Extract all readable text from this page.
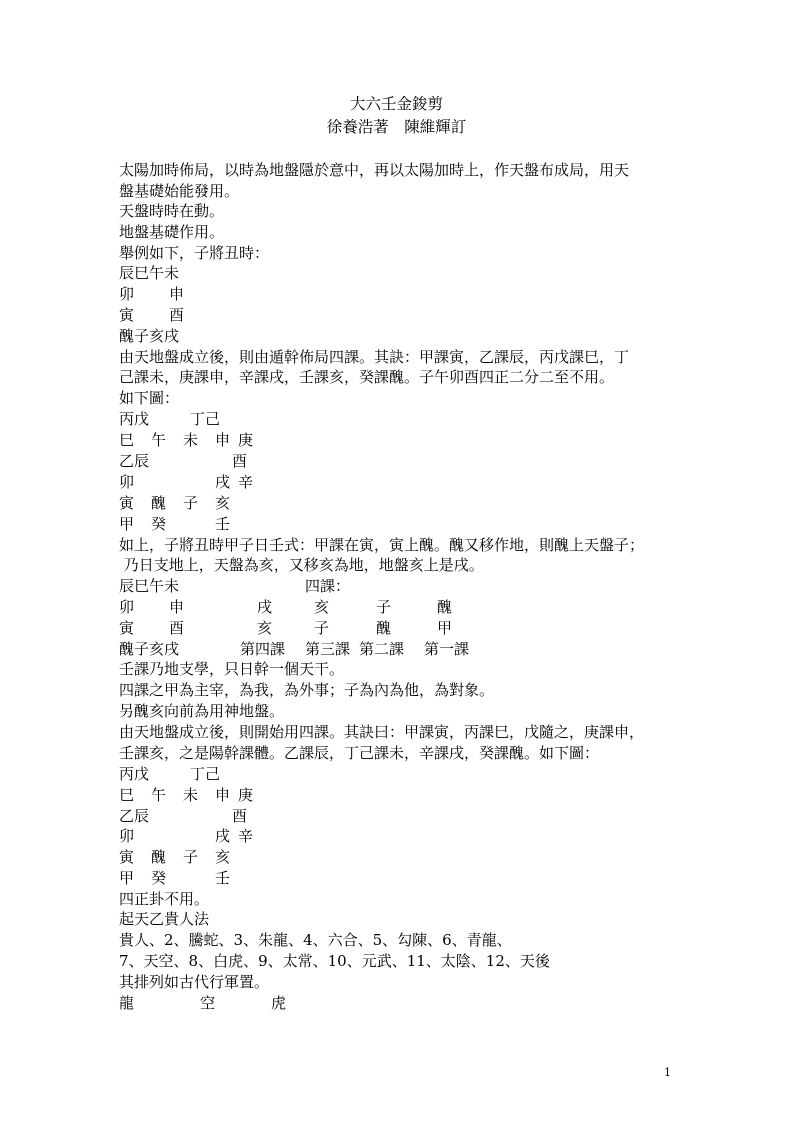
大六壬金鋑剪
徐養浩著　陳維輝訂
太陽加時佈局，以時為地盤隱於意中，再以太陽加時上，作天盤布成局，用天
盤基礎始能發用。
天盤時時在動。
地盤基礎作用。
舉例如下，子將丑時：
辰巳午未
卯 申
寅 酉
醜子亥戌
由天地盤成立後，則由遁幹佈局四課。其訣：甲課寅，乙課辰，丙戊課巳，丁
己課未，庚課申，辛課戌，壬課亥，癸課醜。子午卯酉四正二分二至不用。
如下圖：
丙戊	丁己
巳 午 未 申 庚
乙辰	酉
卯	戌 辛
寅 醜 子 亥
甲 癸	壬
如上，子將丑時甲子日壬式：甲課在寅，寅上醜。醜又移作地，則醜上天盤子；
乃日支地上，天盤為亥，又移亥為地，地盤亥上是戌。
辰巳午未	四課：
卯 申	戌	亥	子	醜
寅 酉	亥	子	醜	甲
醜子亥戌	第四課 第三課 第二課 第一課
壬課乃地支學，只日幹一個天干。
四課之甲為主宰，為我，為外事；子為內為他，為對象。
另醜亥向前為用神地盤。
由天地盤成立後，則開始用四課。其訣曰：甲課寅，丙課巳，戊隨之，庚課申，
壬課亥，之是陽幹課體。乙課辰，丁己課未，辛課戌，癸課醜。如下圖：
丙戊	丁己
巳 午 未 申 庚
乙辰	酉
卯	戌 辛
寅 醜 子 亥
甲 癸	壬
四正卦不用。
起天乙貴人法
貴人、2、騰蛇、3、朱龍、4、六合、5、勾陳、6、青龍、
7、天空、8、白虎、9、太常、10、元武、11、太陰、12、天後
其排列如古代行軍置。
龍	空	虎
1
